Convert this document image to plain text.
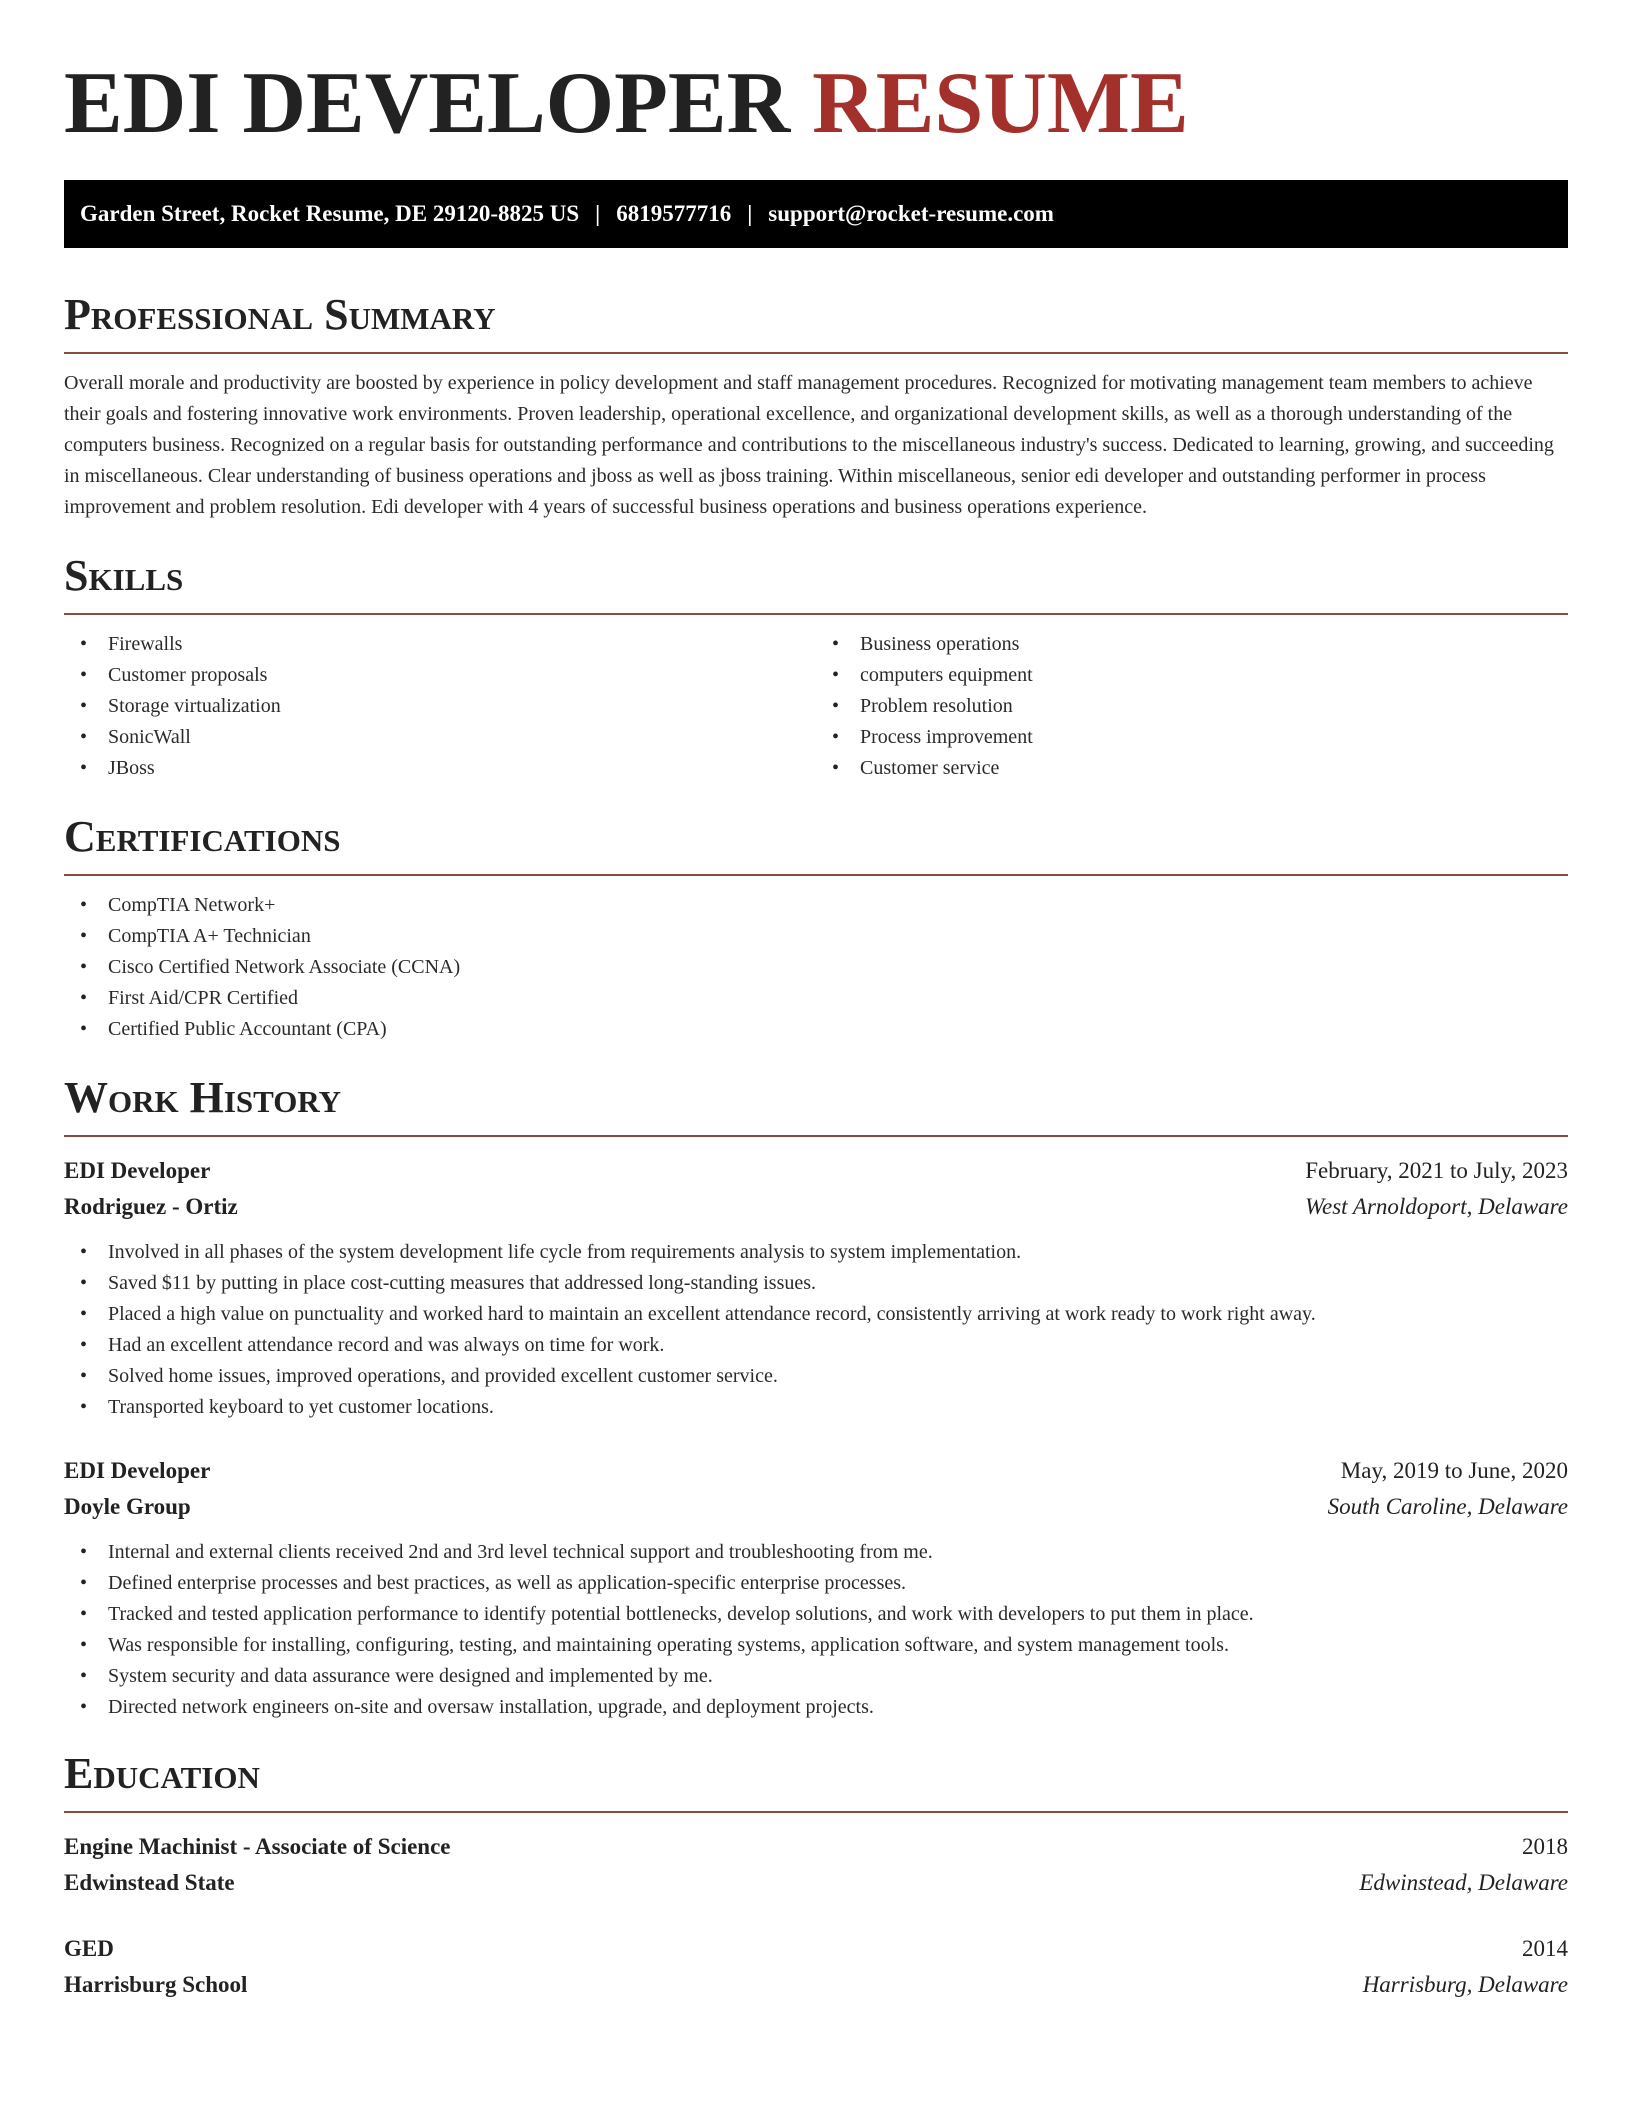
EDI DEVELOPER RESUME
Garden Street, Rocket Resume, DE 29120-8825 US | 6819577716 | support@rocket-resume.com
Professional Summary

Overall morale and productivity are boosted by experience in policy development and staff management procedures. Recognized for motivating management team members to achieve their goals and fostering innovative work environments. Proven leadership, operational excellence, and organizational development skills, as well as a thorough understanding of the computers business. Recognized on a regular basis for outstanding performance and contributions to the miscellaneous industry's success. Dedicated to learning, growing, and succeeding in miscellaneous. Clear understanding of business operations and jboss as well as jboss training. Within miscellaneous, senior edi developer and outstanding performer in process improvement and problem resolution. Edi developer with 4 years of successful business operations and business operations experience.

Skills
• Firewalls
• Customer proposals
• Storage virtualization
• SonicWall
• JBoss
• Business operations
• computers equipment
• Problem resolution
• Process improvement
• Customer service
Certifications
• CompTIA Network+
• CompTIA A+ Technician
• Cisco Certified Network Associate (CCNA)
• First Aid/CPR Certified
• Certified Public Accountant (CPA)
Work History
EDI Developer	February, 2021 to July, 2023
Rodriguez - Ortiz	West Arnoldoport, Delaware
• Involved in all phases of the system development life cycle from requirements analysis to system implementation.
• Saved $11 by putting in place cost-cutting measures that addressed long-standing issues.
• Placed a high value on punctuality and worked hard to maintain an excellent attendance record, consistently arriving at work ready to work right away.
• Had an excellent attendance record and was always on time for work.
• Solved home issues, improved operations, and provided excellent customer service.
• Transported keyboard to yet customer locations.
EDI Developer	May, 2019 to June, 2020
Doyle Group	South Caroline, Delaware
• Internal and external clients received 2nd and 3rd level technical support and troubleshooting from me.
• Defined enterprise processes and best practices, as well as application-specific enterprise processes.
• Tracked and tested application performance to identify potential bottlenecks, develop solutions, and work with developers to put them in place.
• Was responsible for installing, configuring, testing, and maintaining operating systems, application software, and system management tools.
• System security and data assurance were designed and implemented by me.
• Directed network engineers on-site and oversaw installation, upgrade, and deployment projects.
Education
Engine Machinist - Associate of Science	2018
Edwinstead State	Edwinstead, Delaware
GED	2014
Harrisburg School	Harrisburg, Delaware
